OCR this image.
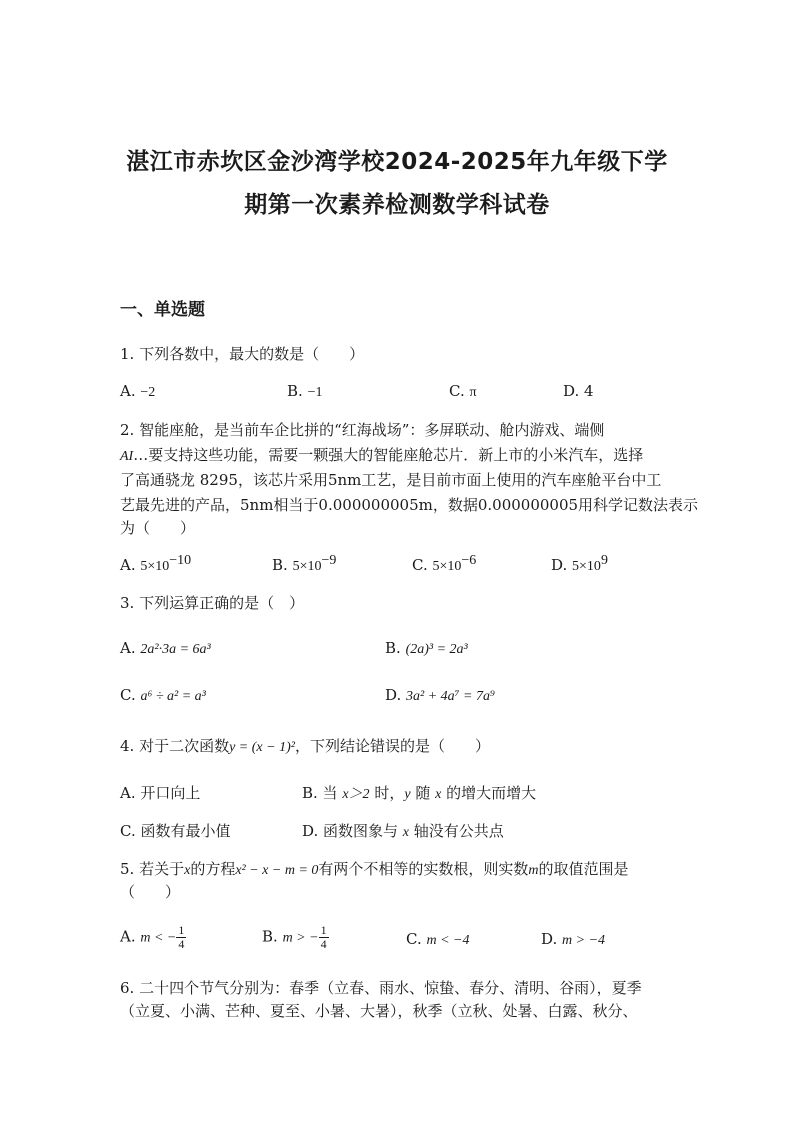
湛江市赤坎区金沙湾学校2024-2025年九年级下学
期第一次素养检测数学科试卷
一、单选题
1. 下列各数中，最大的数是（　　）
A. −2	B. −1	C. π	D. 4
2. 智能座舱，是当前车企比拼的“红海战场”：多屏联动、舱内游戏、端侧
AI…要支持这些功能，需要一颗强大的智能座舱芯片．新上市的小米汽车，选择
了高通骁龙 8295，该芯片采用5nm工艺，是目前市面上使用的汽车座舱平台中工
艺最先进的产品，5nm相当于0.000000005m，数据0.000000005用科学记数法表示
为（　　）
A. $5\times 10^{-10}$	B. $5\times 10^{-9}$	C. $5\times 10^{-6}$	D. $5\times 10^9$
3. 下列运算正确的是（　）
A. 2a²·3a = 6a³	B. (2a)³ = 2a³
C. a⁶ ÷ a² = a³	D. 3a² + 4a⁷ = 7a⁹
4. 对于二次函数y = (x − 1)²，下列结论错误的是（　　）
A. 开口向上	B. 当 x＞2 时，y 随 x 的增大而增大
C. 函数有最小值	D. 函数图象与 x 轴没有公共点
5. 若关于x的方程x² − x − m = 0有两个不相等的实数根，则实数m的取值范围是
（　　）
A. m < − $\frac{1}{4}$	B. m > − $\frac{1}{4}$	C. m < −4	D. m > −4
6. 二十四个节气分别为：春季（立春、雨水、惊蛰、春分、清明、谷雨），夏季
（立夏、小满、芒种、夏至、小暑、大暑），秋季（立秋、处暑、白露、秋分、
